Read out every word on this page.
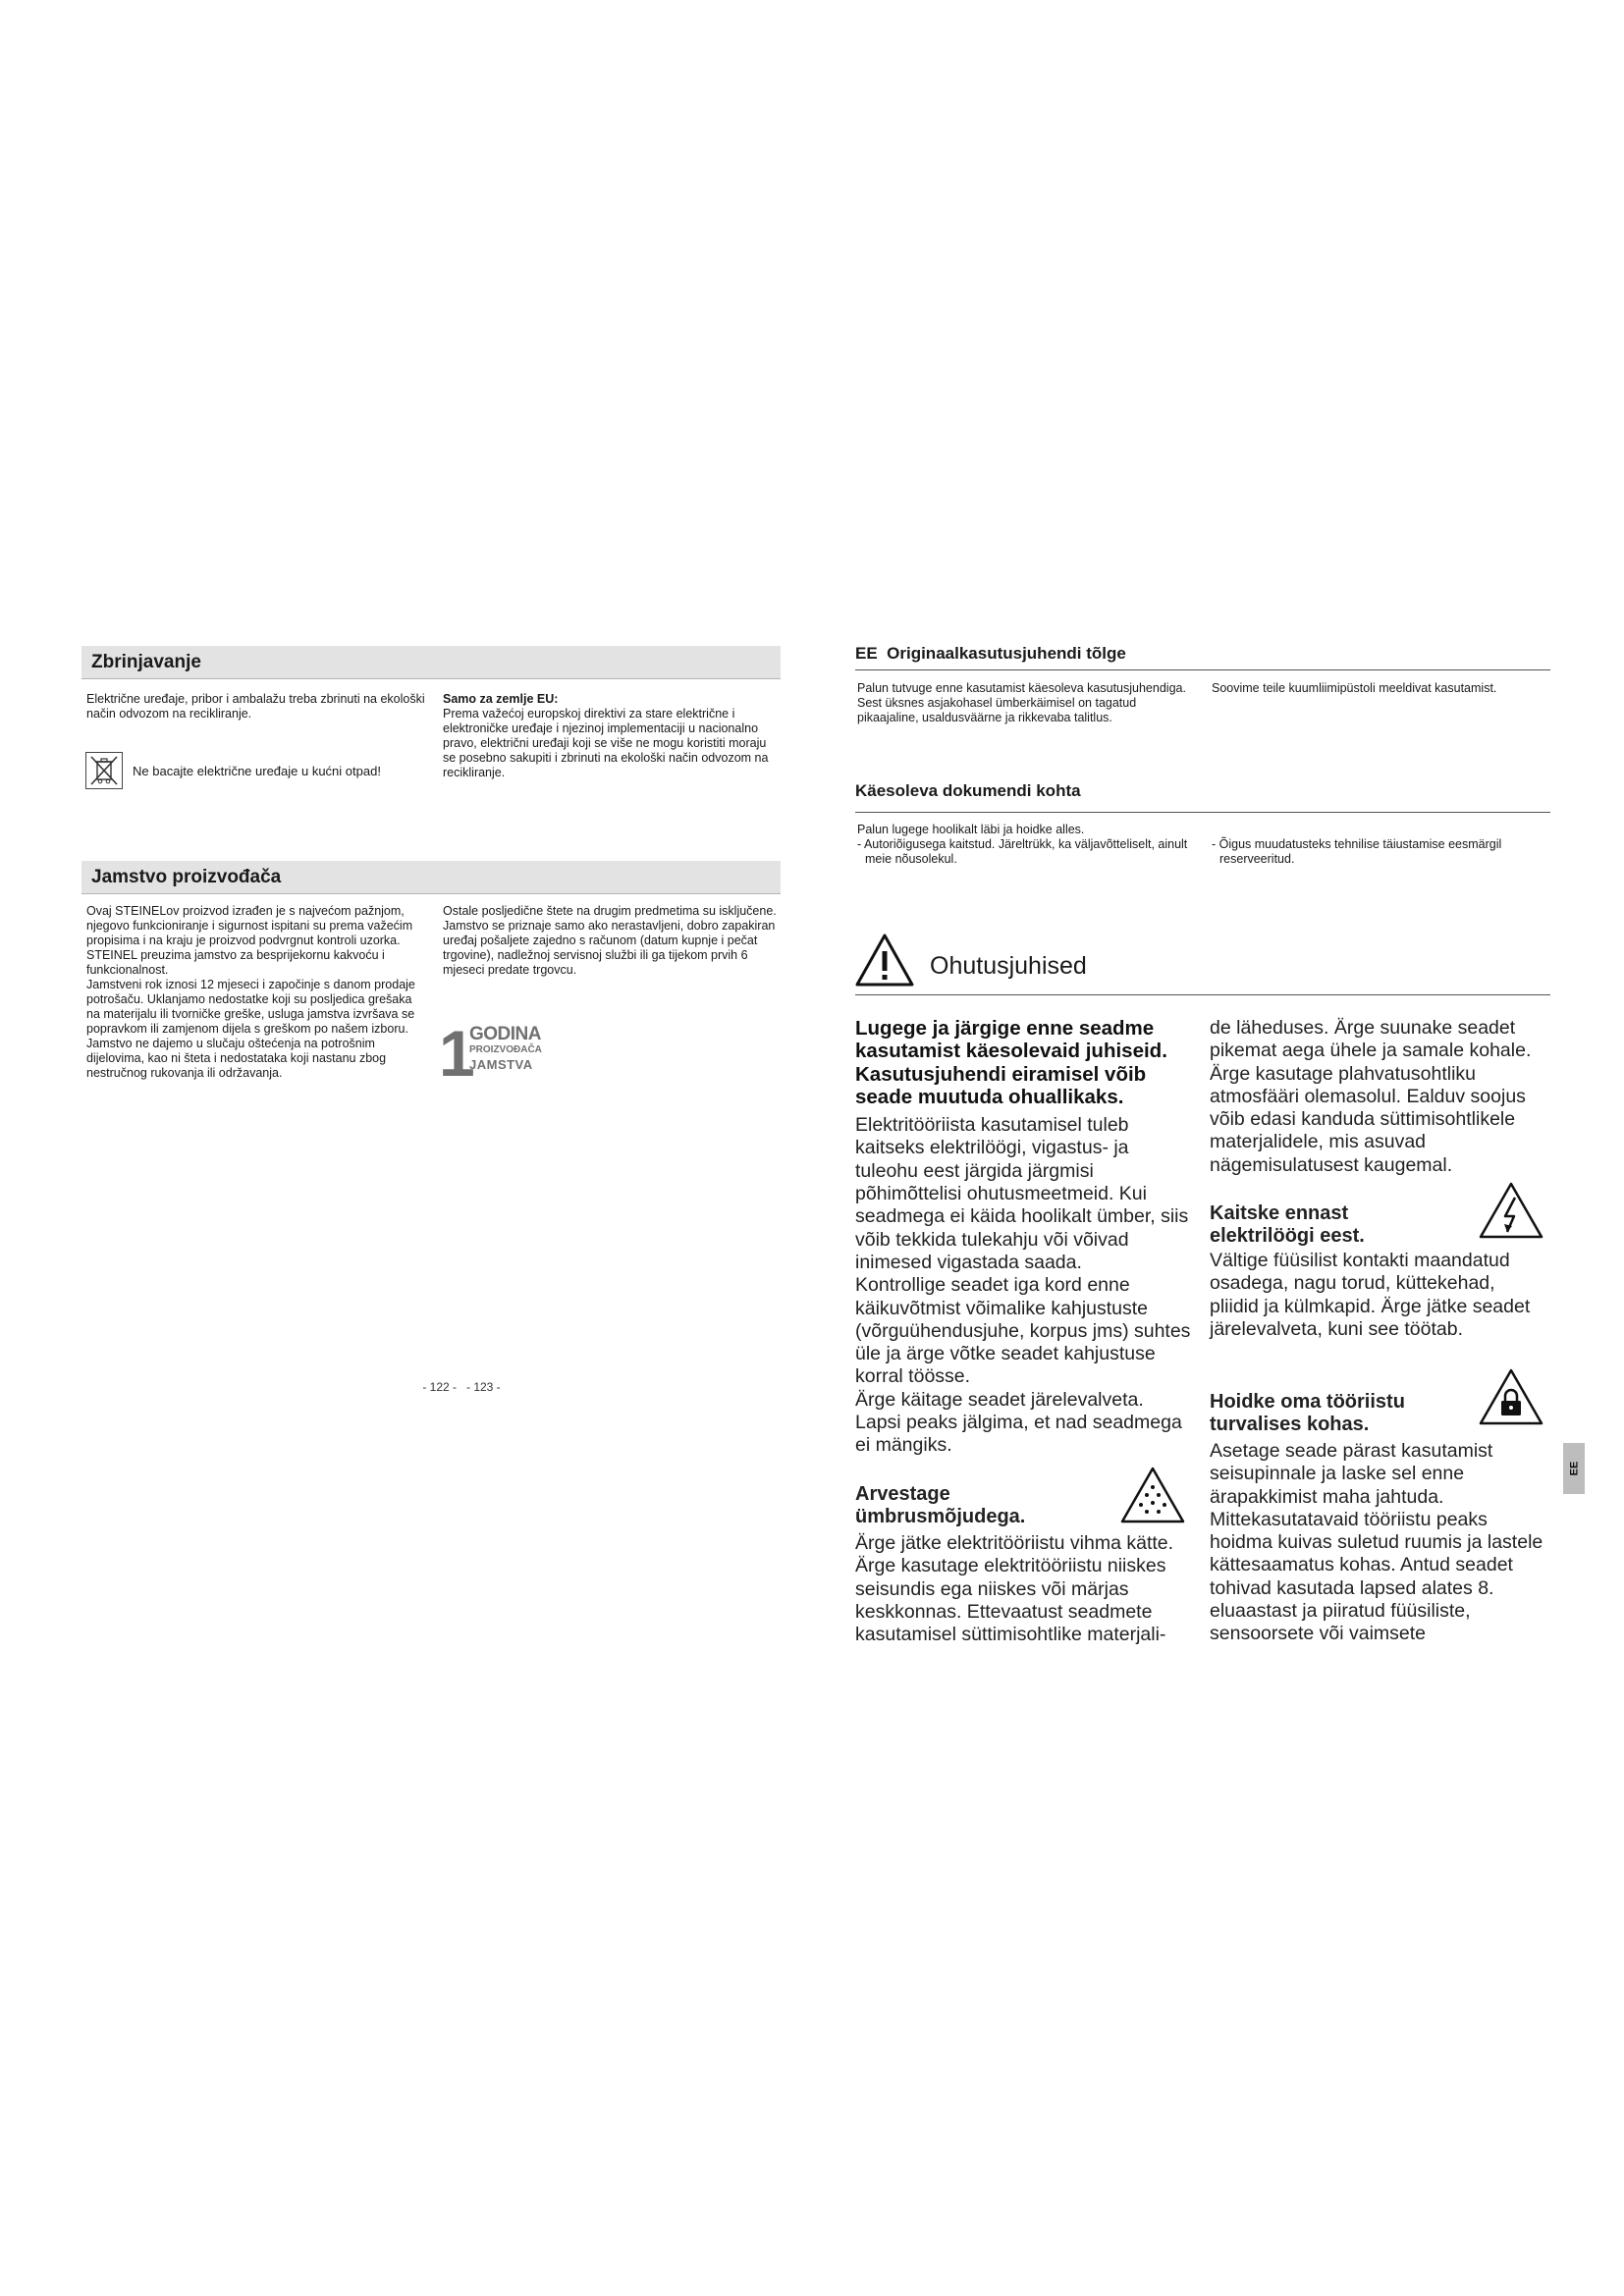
Zbrinjavanje

Električne uređaje, pribor i ambalažu treba zbrinuti na ekološki način odvozom na recikliranje.

Ne bacajte električne uređaje u kućni otpad!

Samo za zemlje EU:

Prema važećoj europskoj direktivi za stare električne i elektroničke uređaje i njezinoj implementaciji u nacionalno pravo, električni uređaji koji se više ne mogu koristiti moraju se posebno sakupiti i zbrinuti na ekološki način odvozom na recikliranje.

Jamstvo proizvođača

Ovaj STEINELov proizvod izrađen je s najvećom pažnjom, njegovo funkcioniranje i sigurnost ispitani su prema važećim propisima i na kraju je proizvod podvrgnut kontroli uzorka.

STEINEL preuzima jamstvo za besprijekornu kakvoću i funkcionalnost.

Jamstveni rok iznosi 12 mjeseci i započinje s danom prodaje potrošaču. Uklanjamo nedostatke koji su posljedica grešaka na materijalu ili tvorničke greške, usluga jamstva izvršava se popravkom ili zamjenom dijela s greškom po našem izboru. Jamstvo ne dajemo u slučaju oštećenja na potrošnim dijelovima, kao ni šteta i nedostataka koji nastanu zbog nestručnog rukovanja ili održavanja.

Ostale posljedične štete na drugim predmetima su isključene.

Jamstvo se priznaje samo ako nerastavljeni, dobro zapakiran uređaj pošaljete zajedno s računom (datum kupnje i pečat trgovine), nadležnoj servisnoj službi ili ga tijekom prvih 6 mjeseci predate trgovcu.

1
GODINA
PROIZVOĐAČA
JAMSTVA
- 122 -   - 123 -
EE Originaalkasutusjuhendi tõlge
Palun tutvuge enne kasutamist käesoleva kasutusjuhendiga. Sest üksnes asjakohasel ümberkäimisel on tagatud pikaajaline, usaldusväärne ja rikkevaba talitlus.
Soovime teile kuumliimipüstoli meeldivat kasutamist.
Käesoleva dokumendi kohta

Palun lugege hoolikalt läbi ja hoidke alles.

- Autoriõigusega kaitstud. Järeltrükk, ka väljavõtteliselt, ainult meie nõusolekul.

- Õigus muudatusteks tehnilise täiustamise eesmärgil reserveeritud.

Ohutusjuhised

Lugege ja järgige enne seadme kasutamist käesolevaid juhiseid. Kasutusjuhendi eiramisel võib seade muutuda ohuallikaks.

Elektritööriista kasutamisel tuleb kaitseks elektrilöögi, vigastus- ja tuleohu eest järgida järgmisi põhimõttelisi ohutusmeetmeid. Kui seadmega ei käida hoolikalt ümber, siis võib tekkida tulekahju või võivad inimesed vigastada saada.

Kontrollige seadet iga kord enne käikuvõtmist võimalike kahjustuste (võrguühendusjuhe, korpus jms) suhtes üle ja ärge võtke seadet kahjustuse korral töösse.

Ärge käitage seadet järelevalveta. Lapsi peaks jälgima, et nad seadmega ei mängiks.

Arvestage ümbrusmõjudega.

Ärge jätke elektritööriistu vihma kätte. Ärge kasutage elektritööriistu niiskes seisundis ega niiskes või märjas keskkonnas. Ettevaatust seadmete kasutamisel süttimisohtlike materjali-

de läheduses. Ärge suunake seadet pikemat aega ühele ja samale kohale. Ärge kasutage plahvatusohtliku atmosfääri olemasolul. Ealduv soojus võib edasi kanduda süttimisohtlikele materjalidele, mis asuvad nägemisulatusest kaugemal.

Kaitske ennast elektrilöögi eest.

Vältige füüsilist kontakti maandatud osadega, nagu torud, küttekehad, pliidid ja külmkapid. Ärge jätke seadet järelevalveta, kuni see töötab.

Hoidke oma tööriistu turvalises kohas.

Asetage seade pärast kasutamist seisupinnale ja laske sel enne ärapakkimist maha jahtuda. Mittekasutatavaid tööriistu peaks hoidma kuivas suletud ruumis ja lastele kättesaamatus kohas. Antud seadet tohivad kasutada lapsed alates 8. eluaastast ja piiratud füüsiliste, sensoorsete või vaimsete

EE
